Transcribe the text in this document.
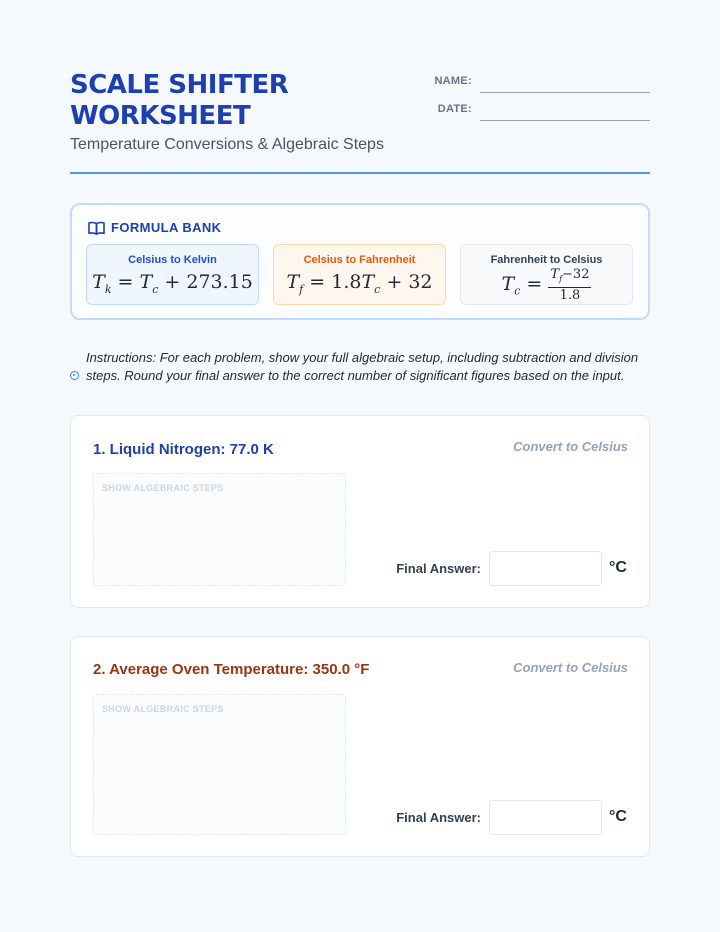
SCALE SHIFTER
WORKSHEET
Temperature Conversions & Algebraic Steps
NAME:
DATE:
FORMULA BANK
Celsius to Kelvin
$T_k = T_c + 273.15$
Celsius to Fahrenheit
$T_f = 1.8T_c + 32$
Fahrenheit to Celsius
$T_c = \frac{T_f-32}{1.8}$
Instructions: For each problem, show your full algebraic setup, including subtraction and division steps. Round your final answer to the correct number of significant figures based on the input.
1. Liquid Nitrogen: 77.0 K	Convert to Celsius
SHOW ALGEBRAIC STEPS
Final Answer:	°C
2. Average Oven Temperature: 350.0 °F	Convert to Celsius
SHOW ALGEBRAIC STEPS
Final Answer:	°C
